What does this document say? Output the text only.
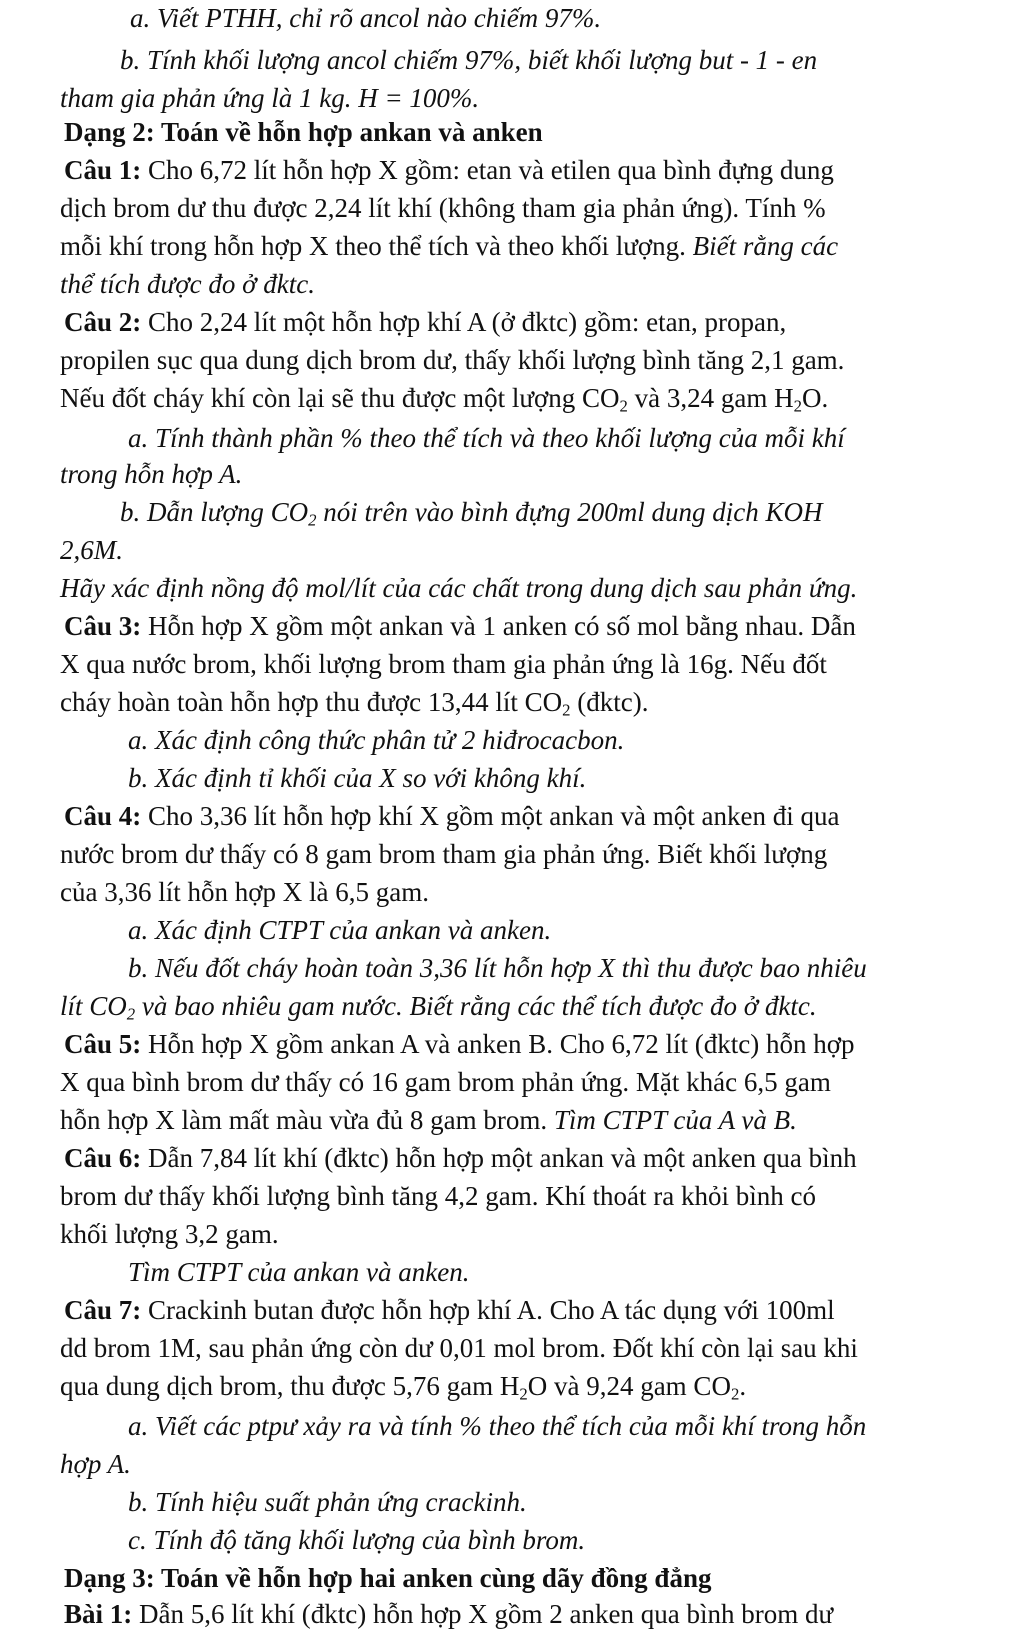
a. Viết PTHH, chỉ rõ ancol nào chiếm 97%.
b. Tính khối lượng ancol chiếm 97%, biết khối lượng but - 1 - en
tham gia phản ứng là 1 kg. H = 100%.
Dạng 2: Toán về hỗn hợp ankan và anken
Câu 1: Cho 6,72 lít hỗn hợp X gồm: etan và etilen qua bình đựng dung
dịch brom dư thu được 2,24 lít khí (không tham gia phản ứng). Tính %
mỗi khí trong hỗn hợp X theo thể tích và theo khối lượng. Biết rằng các
thể tích được đo ở đktc.
Câu 2: Cho 2,24 lít một hỗn hợp khí A (ở đktc) gồm: etan, propan,
propilen sục qua dung dịch brom dư, thấy khối lượng bình tăng 2,1 gam.
Nếu đốt cháy khí còn lại sẽ thu được một lượng $CO_2$ và 3,24 gam $H_2O$.
a. Tính thành phần % theo thể tích và theo khối lượng của mỗi khí
trong hỗn hợp A.
b. Dẫn lượng $CO_2$ nói trên vào bình đựng 200ml dung dịch KOH
2,6M.
Hãy xác định nồng độ mol/lít của các chất trong dung dịch sau phản ứng.
Câu 3: Hỗn hợp X gồm một ankan và 1 anken có số mol bằng nhau. Dẫn
X qua nước brom, khối lượng brom tham gia phản ứng là 16g. Nếu đốt
cháy hoàn toàn hỗn hợp thu được 13,44 lít $CO_2$ (đktc).
a. Xác định công thức phân tử 2 hiđrocacbon.
b. Xác định tỉ khối của X so với không khí.
Câu 4: Cho 3,36 lít hỗn hợp khí X gồm một ankan và một anken đi qua
nước brom dư thấy có 8 gam brom tham gia phản ứng. Biết khối lượng
của 3,36 lít hỗn hợp X là 6,5 gam.
a. Xác định CTPT của ankan và anken.
b. Nếu đốt cháy hoàn toàn 3,36 lít hỗn hợp X thì thu được bao nhiêu
lít $CO_2$ và bao nhiêu gam nước. Biết rằng các thể tích được đo ở đktc.
Câu 5: Hỗn hợp X gồm ankan A và anken B. Cho 6,72 lít (đktc) hỗn hợp
X qua bình brom dư thấy có 16 gam brom phản ứng. Mặt khác 6,5 gam
hỗn hợp X làm mất màu vừa đủ 8 gam brom. Tìm CTPT của A và B.
Câu 6: Dẫn 7,84 lít khí (đktc) hỗn hợp một ankan và một anken qua bình
brom dư thấy khối lượng bình tăng 4,2 gam. Khí thoát ra khỏi bình có
khối lượng 3,2 gam.
Tìm CTPT của ankan và anken.
Câu 7: Crackinh butan được hỗn hợp khí A. Cho A tác dụng với 100ml
dd brom 1M, sau phản ứng còn dư 0,01 mol brom. Đốt khí còn lại sau khi
qua dung dịch brom, thu được 5,76 gam $H_2O$ và 9,24 gam $CO_2$.
a. Viết các ptpư xảy ra và tính % theo thể tích của mỗi khí trong hỗn
hợp A.
b. Tính hiệu suất phản ứng crackinh.
c. Tính độ tăng khối lượng của bình brom.
Dạng 3: Toán về hỗn hợp hai anken cùng dãy đồng đẳng
Bài 1: Dẫn 5,6 lít khí (đktc) hỗn hợp X gồm 2 anken qua bình brom dư
